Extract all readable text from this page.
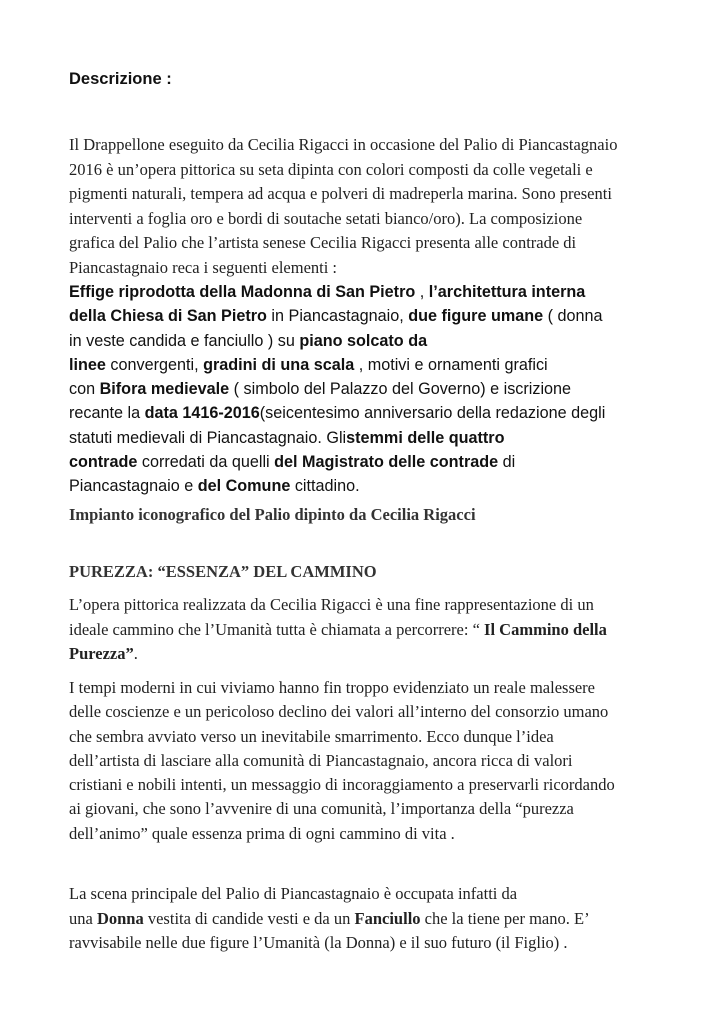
Descrizione :
Il Drappellone eseguito da Cecilia Rigacci in occasione del Palio di Piancastagnaio
2016 è un’opera pittorica su seta dipinta con colori composti da colle vegetali e
pigmenti naturali, tempera ad acqua e polveri di madreperla marina. Sono presenti
interventi a foglia oro e bordi di soutache setati bianco/oro). La composizione
grafica del Palio che l’artista senese Cecilia Rigacci presenta alle contrade di
Piancastagnaio reca i seguenti elementi :
Effige riprodotta della Madonna di San Pietro , l’architettura interna
della Chiesa di San Pietro in Piancastagnaio, due figure umane ( donna
in veste candida e fanciullo ) su piano solcato da
linee convergenti, gradini di una scala , motivi e ornamenti grafici
con Bifora medievale ( simbolo del Palazzo del Governo) e iscrizione
recante la data 1416-2016(seicentesimo anniversario della redazione degli
statuti medievali di Piancastagnaio. Glistemmi delle quattro
contrade corredati da quelli del Magistrato delle contrade di
Piancastagnaio e del Comune cittadino.
Impianto iconografico del Palio dipinto da Cecilia Rigacci
PUREZZA: “ESSENZA” DEL CAMMINO
L’opera pittorica realizzata da Cecilia Rigacci è una fine rappresentazione di un
ideale cammino che l’Umanità tutta è chiamata a percorrere: “ Il Cammino della
Purezza”.
I tempi moderni in cui viviamo hanno fin troppo evidenziato un reale malessere
delle coscienze e un pericoloso declino dei valori all’interno del consorzio umano
che sembra avviato verso un inevitabile smarrimento. Ecco dunque l’idea
dell’artista di lasciare alla comunità di Piancastagnaio, ancora ricca di valori
cristiani e nobili intenti, un messaggio di incoraggiamento a preservarli ricordando
ai giovani, che sono l’avvenire di una comunità, l’importanza della “purezza
dell’animo” quale essenza prima di ogni cammino di vita .
La scena principale del Palio di Piancastagnaio è occupata infatti da
una Donna vestita di candide vesti e da un Fanciullo che la tiene per mano. E’
ravvisabile nelle due figure l’Umanità (la Donna) e il suo futuro (il Figlio) .
